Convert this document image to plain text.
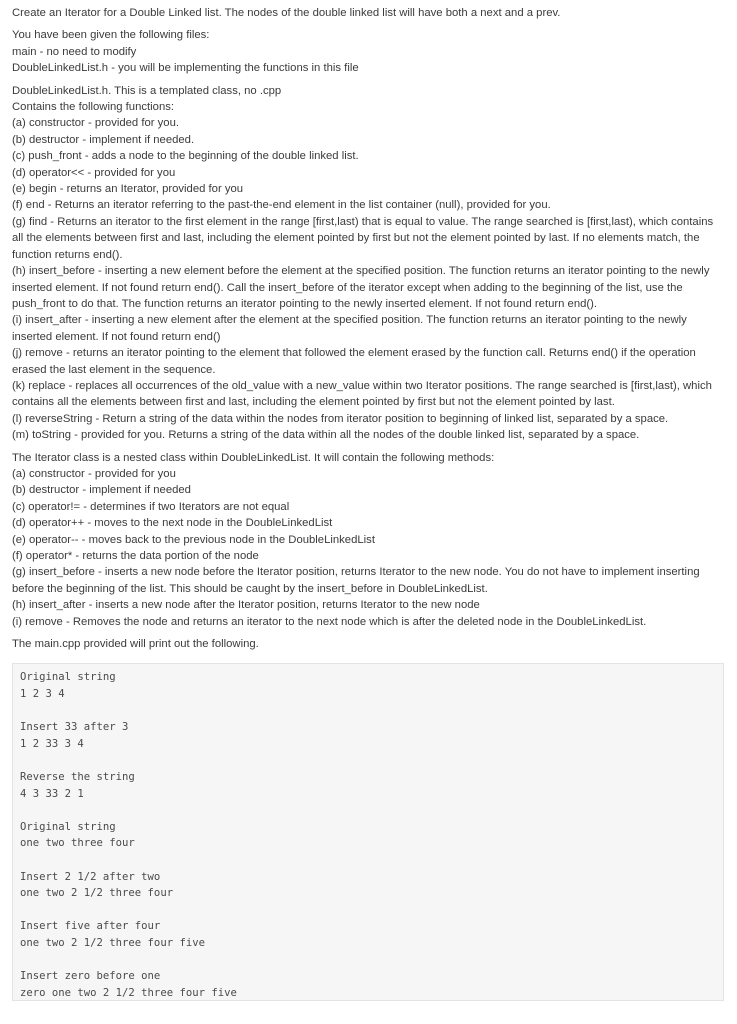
Create an Iterator for a Double Linked list. The nodes of the double linked list will have both a next and a prev.
You have been given the following files:
main - no need to modify
DoubleLinkedList.h - you will be implementing the functions in this file
DoubleLinkedList.h. This is a templated class, no .cpp
Contains the following functions:
(a) constructor - provided for you.
(b) destructor - implement if needed.
(c) push_front - adds a node to the beginning of the double linked list.
(d) operator<< - provided for you
(e) begin - returns an Iterator, provided for you
(f) end - Returns an iterator referring to the past-the-end element in the list container (null), provided for you.
(g) find - Returns an iterator to the first element in the range [first,last) that is equal to value. The range searched is [first,last), which contains all the elements between first and last, including the element pointed by first but not the element pointed by last. If no elements match, the function returns end().
(h) insert_before - inserting a new element before the element at the specified position. The function returns an iterator pointing to the newly inserted element. If not found return end(). Call the insert_before of the iterator except when adding to the beginning of the list, use the push_front to do that. The function returns an iterator pointing to the newly inserted element. If not found return end().
(i) insert_after - inserting a new element after the element at the specified position. The function returns an iterator pointing to the newly inserted element. If not found return end()
(j) remove - returns an iterator pointing to the element that followed the element erased by the function call. Returns end() if the operation erased the last element in the sequence.
(k) replace - replaces all occurrences of the old_value with a new_value within two Iterator positions. The range searched is [first,last), which contains all the elements between first and last, including the element pointed by first but not the element pointed by last.
(l) reverseString - Return a string of the data within the nodes from iterator position to beginning of linked list, separated by a space.
(m) toString - provided for you. Returns a string of the data within all the nodes of the double linked list, separated by a space.
The Iterator class is a nested class within DoubleLinkedList. It will contain the following methods:
(a) constructor - provided for you
(b) destructor - implement if needed
(c) operator!= - determines if two Iterators are not equal
(d) operator++ - moves to the next node in the DoubleLinkedList
(e) operator-- - moves back to the previous node in the DoubleLinkedList
(f) operator* - returns the data portion of the node
(g) insert_before - inserts a new node before the Iterator position, returns Iterator to the new node. You do not have to implement inserting before the beginning of the list. This should be caught by the insert_before in DoubleLinkedList.
(h) insert_after - inserts a new node after the Iterator position, returns Iterator to the new node
(i) remove - Removes the node and returns an iterator to the next node which is after the deleted node in the DoubleLinkedList.
The main.cpp provided will print out the following.
Original string
1 2 3 4
Insert 33 after 3
1 2 33 3 4
Reverse the string
4 3 33 2 1
Original string
one two three four
Insert 2 1/2 after two
one two 2 1/2 three four
Insert five after four
one two 2 1/2 three four five
Insert zero before one
zero one two 2 1/2 three four five
